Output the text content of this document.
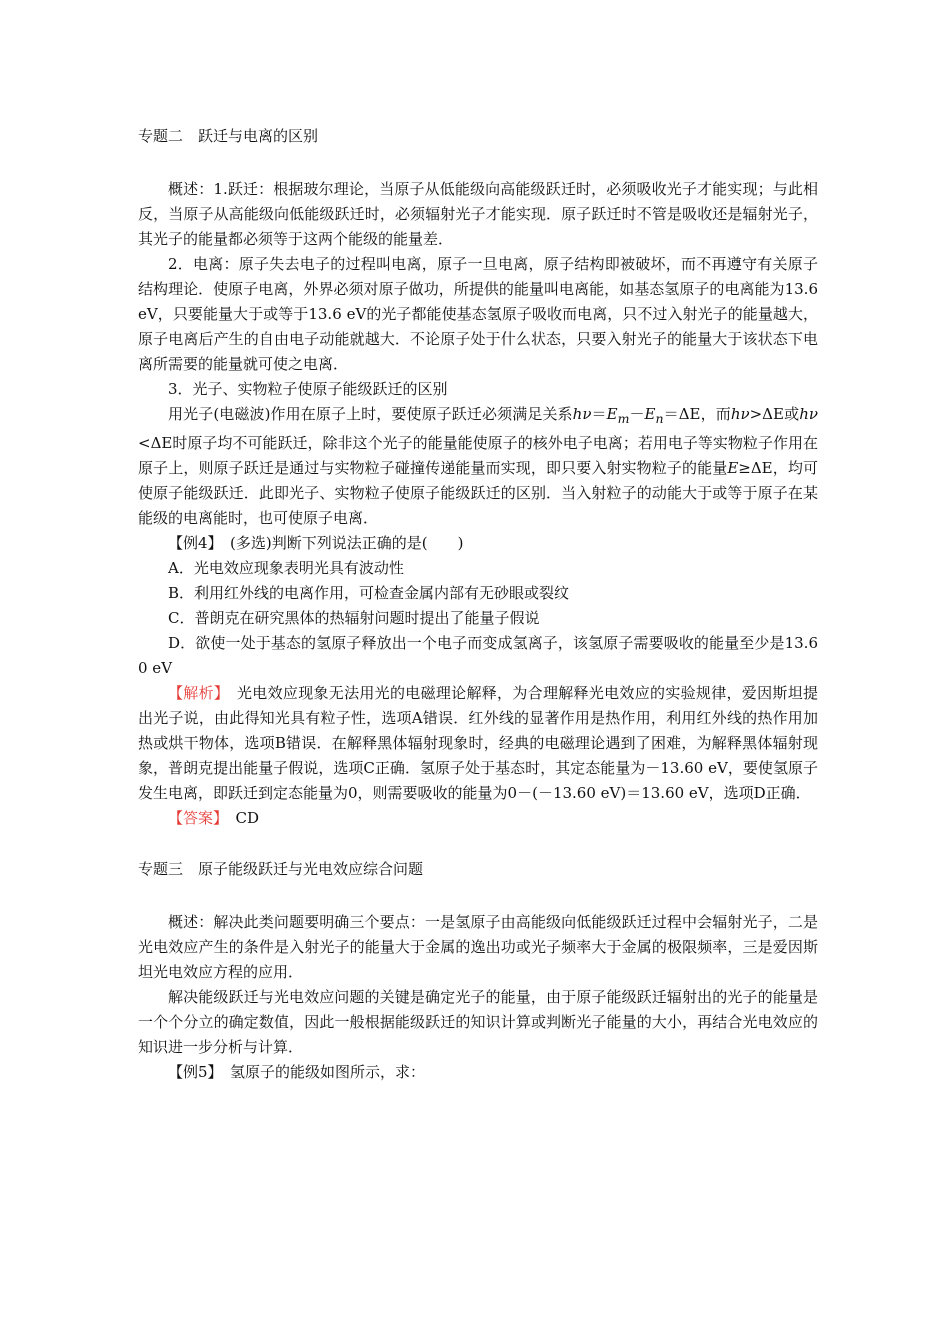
专题二　跃迁与电离的区别

概述：1.跃迁：根据玻尔理论，当原子从低能级向高能级跃迁时，必须吸收光子才能实现；与此相反，当原子从高能级向低能级跃迁时，必须辐射光子才能实现．原子跃迁时不管是吸收还是辐射光子，其光子的能量都必须等于这两个能级的能量差．

2．电离：原子失去电子的过程叫电离，原子一旦电离，原子结构即被破坏，而不再遵守有关原子结构理论．使原子电离，外界必须对原子做功，所提供的能量叫电离能，如基态氢原子的电离能为13.6 eV，只要能量大于或等于13.6 eV的光子都能使基态氢原子吸收而电离，只不过入射光子的能量越大，原子电离后产生的自由电子动能就越大．不论原子处于什么状态，只要入射光子的能量大于该状态下电离所需要的能量就可使之电离．

3．光子、实物粒子使原子能级跃迁的区别

用光子(电磁波)作用在原子上时，要使原子跃迁必须满足关系$h\nu=E_m-E_n=\Delta E$，而hν>ΔE或hν<ΔE时原子均不可能跃迁，除非这个光子的能量能使原子的核外电子电离；若用电子等实物粒子作用在原子上，则原子跃迁是通过与实物粒子碰撞传递能量而实现，即只要入射实物粒子的能量E≥ΔE，均可使原子能级跃迁．此即光子、实物粒子使原子能级跃迁的区别．当入射粒子的动能大于或等于原子在某能级的电离能时，也可使原子电离．

【例4】　(多选)判断下列说法正确的是(　　)

A．光电效应现象表明光具有波动性

B．利用红外线的电离作用，可检查金属内部有无砂眼或裂纹

C．普朗克在研究黑体的热辐射问题时提出了能量子假说

D．欲使一处于基态的氢原子释放出一个电子而变成氢离子，该氢原子需要吸收的能量至少是13.60 eV

【解析】　光电效应现象无法用光的电磁理论解释，为合理解释光电效应的实验规律，爱因斯坦提出光子说，由此得知光具有粒子性，选项A错误．红外线的显著作用是热作用，利用红外线的热作用加热或烘干物体，选项B错误．在解释黑体辐射现象时，经典的电磁理论遇到了困难，为解释黑体辐射现象，普朗克提出能量子假说，选项C正确．氢原子处于基态时，其定态能量为－13.60 eV，要使氢原子发生电离，即跃迁到定态能量为0，则需要吸收的能量为0－(－13.60 eV)＝13.60 eV，选项D正确．

【答案】　CD

专题三　原子能级跃迁与光电效应综合问题

概述：解决此类问题要明确三个要点：一是氢原子由高能级向低能级跃迁过程中会辐射光子，二是光电效应产生的条件是入射光子的能量大于金属的逸出功或光子频率大于金属的极限频率，三是爱因斯坦光电效应方程的应用．

解决能级跃迁与光电效应问题的关键是确定光子的能量，由于原子能级跃迁辐射出的光子的能量是一个个分立的确定数值，因此一般根据能级跃迁的知识计算或判断光子能量的大小，再结合光电效应的知识进一步分析与计算．

【例5】　氢原子的能级如图所示，求：
